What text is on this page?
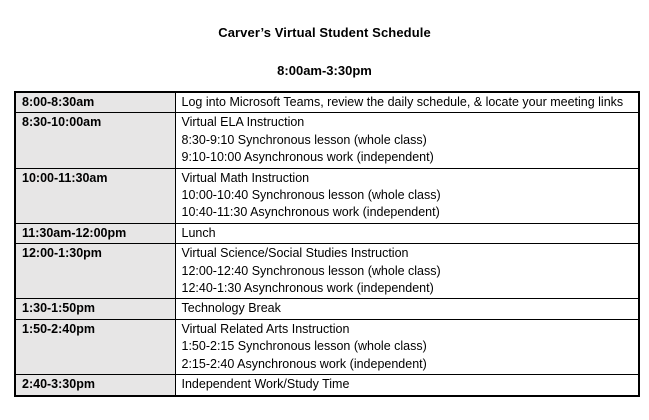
Carver’s Virtual Student Schedule
8:00am-3:30pm
8:00-8:30am	Log into Microsoft Teams, review the daily schedule, & locate your meeting links

8:30-10:00am	Virtual ELA Instruction
8:30-9:10 Synchronous lesson (whole class)
9:10-10:00 Asynchronous work (independent)

10:00-11:30am	Virtual Math Instruction
10:00-10:40 Synchronous lesson (whole class)
10:40-11:30 Asynchronous work (independent)

11:30am-12:00pm	Lunch

12:00-1:30pm	Virtual Science/Social Studies Instruction
12:00-12:40 Synchronous lesson (whole class)
12:40-1:30 Asynchronous work (independent)

1:30-1:50pm	Technology Break

1:50-2:40pm	Virtual Related Arts Instruction
1:50-2:15 Synchronous lesson (whole class)
2:15-2:40 Asynchronous work (independent)

2:40-3:30pm	Independent Work/Study Time
